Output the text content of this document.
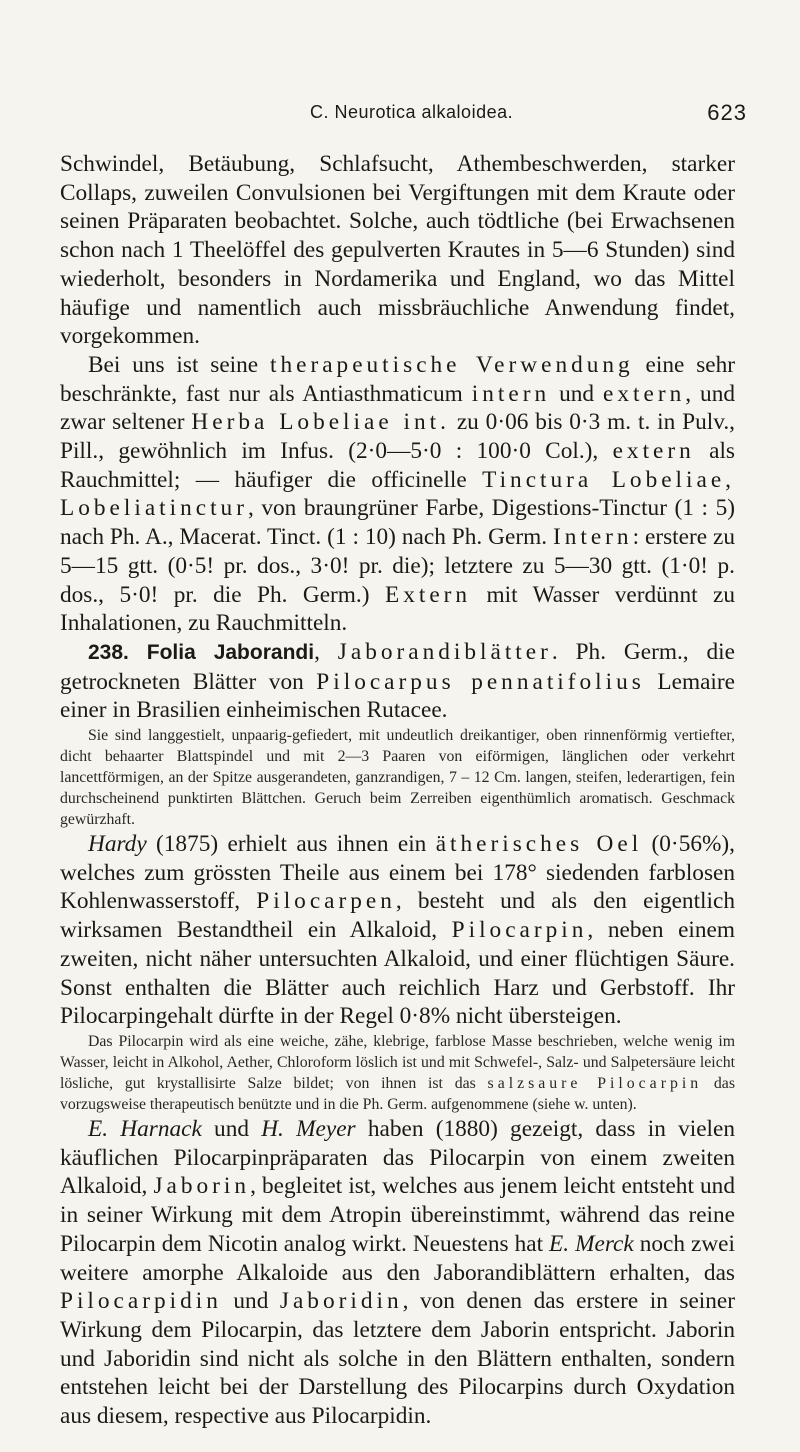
C. Neurotica alkaloidea.	623

Schwindel, Betäubung, Schlafsucht, Athembeschwerden, starker Collaps, zuweilen Convulsionen bei Vergiftungen mit dem Kraute oder seinen Präparaten beobachtet. Solche, auch tödtliche (bei Erwachsenen schon nach 1 Theelöffel des gepulverten Krautes in 5—6 Stunden) sind wiederholt, besonders in Nordamerika und England, wo das Mittel häufige und namentlich auch missbräuchliche Anwendung findet, vorgekommen.

Bei uns ist seine therapeutische Verwendung eine sehr beschränkte, fast nur als Antiasthmaticum intern und extern, und zwar seltener Herba Lobeliae int. zu 0·06 bis 0·3 m. t. in Pulv., Pill., gewöhnlich im Infus. (2·0—5·0 : 100·0 Col.), extern als Rauchmittel; — häufiger die officinelle Tinctura Lobeliae, Lobeliatinctur, von braungrüner Farbe, Digestions-Tinctur (1 : 5) nach Ph. A., Macerat. Tinct. (1 : 10) nach Ph. Germ. Intern: erstere zu 5—15 gtt. (0·5! pr. dos., 3·0! pr. die); letztere zu 5—30 gtt. (1·0! p. dos., 5·0! pr. die Ph. Germ.) Extern mit Wasser verdünnt zu Inhalationen, zu Rauchmitteln.

238. Folia Jaborandi, Jaborandiblätter. Ph. Germ., die getrockneten Blätter von Pilocarpus pennatifolius Lemaire einer in Brasilien einheimischen Rutacee.

Sie sind langgestielt, unpaarig-gefiedert, mit undeutlich dreikantiger, oben rinnenförmig vertiefter, dicht behaarter Blattspindel und mit 2—3 Paaren von eiförmigen, länglichen oder verkehrt lancettförmigen, an der Spitze ausgerandeten, ganzrandigen, 7 – 12 Cm. langen, steifen, lederartigen, fein durchscheinend punktirten Blättchen. Geruch beim Zerreiben eigenthümlich aromatisch. Geschmack gewürzhaft.

Hardy (1875) erhielt aus ihnen ein ätherisches Oel (0·56%), welches zum grössten Theile aus einem bei 178° siedenden farblosen Kohlenwasserstoff, Pilocarpen, besteht und als den eigentlich wirksamen Bestandtheil ein Alkaloid, Pilocarpin, neben einem zweiten, nicht näher untersuchten Alkaloid, und einer flüchtigen Säure. Sonst enthalten die Blätter auch reichlich Harz und Gerbstoff. Ihr Pilocarpingehalt dürfte in der Regel 0·8% nicht übersteigen.

Das Pilocarpin wird als eine weiche, zähe, klebrige, farblose Masse beschrieben, welche wenig im Wasser, leicht in Alkohol, Aether, Chloroform löslich ist und mit Schwefel-, Salz- und Salpetersäure leicht lösliche, gut krystallisirte Salze bildet; von ihnen ist das salzsaure Pilocarpin das vorzugsweise therapeutisch benützte und in die Ph. Germ. aufgenommene (siehe w. unten).

E. Harnack und H. Meyer haben (1880) gezeigt, dass in vielen käuflichen Pilocarpinpräparaten das Pilocarpin von einem zweiten Alkaloid, Jaborin, begleitet ist, welches aus jenem leicht entsteht und in seiner Wirkung mit dem Atropin übereinstimmt, während das reine Pilocarpin dem Nicotin analog wirkt. Neuestens hat E. Merck noch zwei weitere amorphe Alkaloide aus den Jaborandiblättern erhalten, das Pilocarpidin und Jaboridin, von denen das erstere in seiner Wirkung dem Pilocarpin, das letztere dem Jaborin entspricht. Jaborin und Jaboridin sind nicht als solche in den Blättern enthalten, sondern entstehen leicht bei der Darstellung des Pilocarpins durch Oxydation aus diesem, respective aus Pilocarpidin.
